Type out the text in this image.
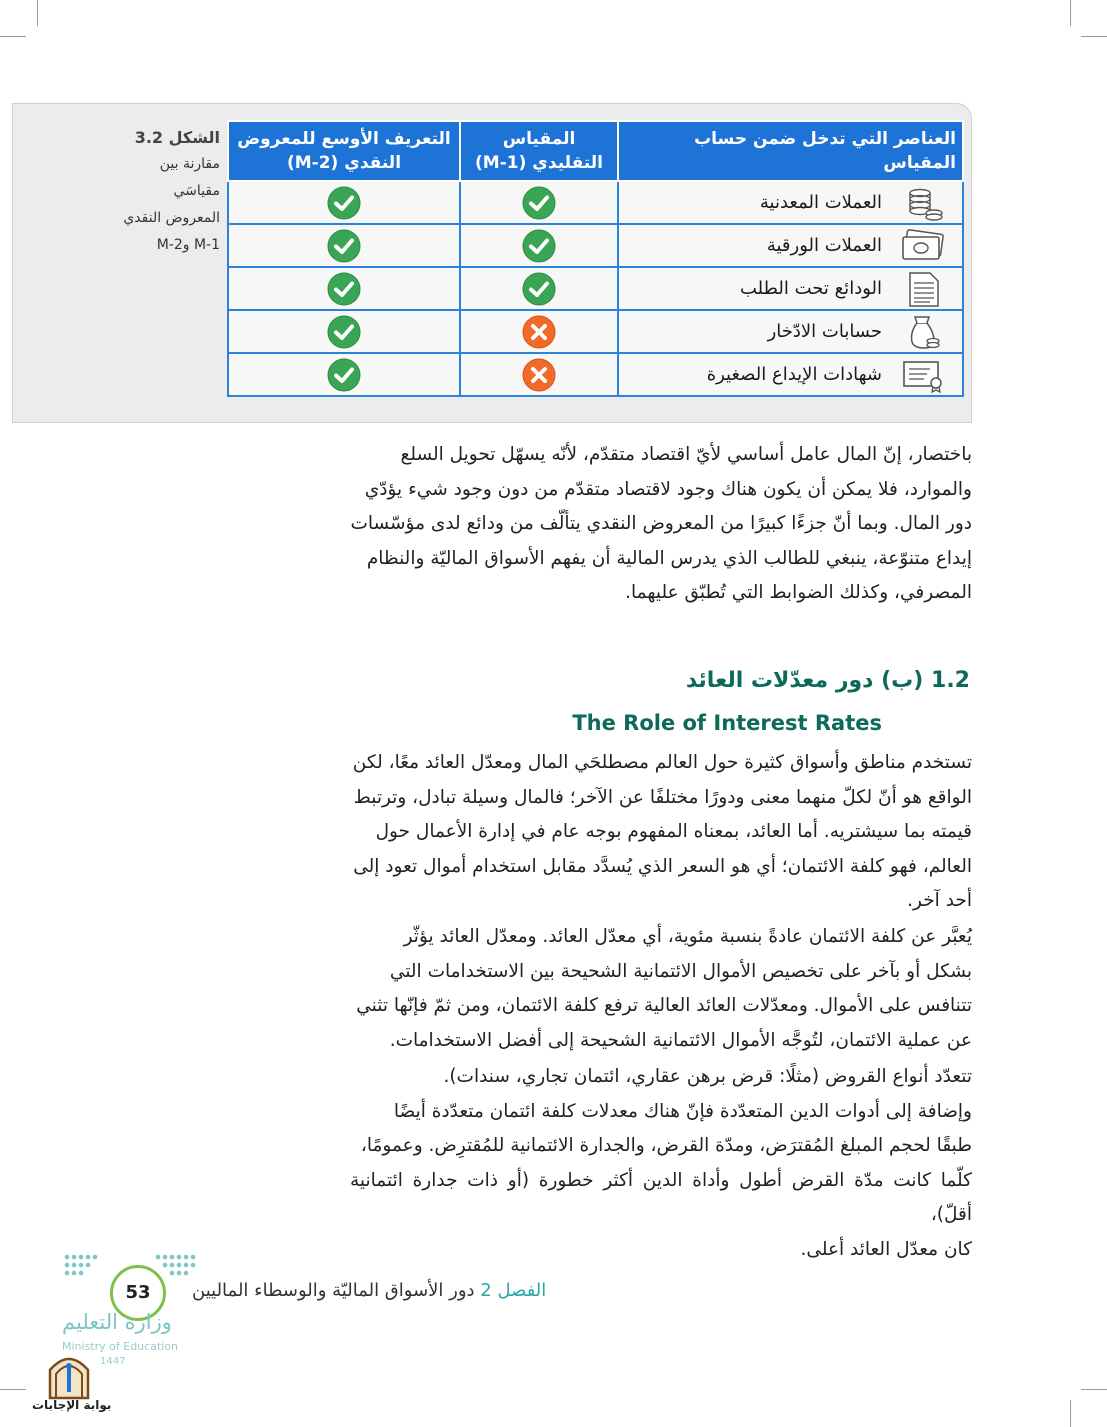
الشكل 3.2
مقارنة بين
مقياسَي
المعروض النقدي
M-1 وM-2
العناصر التي تدخل ضمن حساب المقياس	المقياس التقليدي (M-1)	التعريف الأوسع للمعروض النقدي (M-2)

العملات المعدنية

العملات الورقية

الودائع تحت الطلب

حسابات الادّخار

شهادات الإيداع الصغيرة

باختصار، إنّ المال عامل أساسي لأيّ اقتصاد متقدّم، لأنّه يسهّل تحويل السلع
والموارد، فلا يمكن أن يكون هناك وجود لاقتصاد متقدّم من دون وجود شيء يؤدّي
دور المال. وبما أنّ جزءًا كبيرًا من المعروض النقدي يتألّف من ودائع لدى مؤسّسات
إيداع متنوّعة، ينبغي للطالب الذي يدرس المالية أن يفهم الأسواق الماليّة والنظام
المصرفي، وكذلك الضوابط التي تُطبّق عليهما.
1.2 (ب) دور معدّلات العائد
The Role of Interest Rates
تستخدم مناطق وأسواق كثيرة حول العالم مصطلحَي المال ومعدّل العائد معًا، لكن
الواقع هو أنّ لكلّ منهما معنى ودورًا مختلفًا عن الآخر؛ فالمال وسيلة تبادل، وترتبط
قيمته بما سيشتريه. أما العائد، بمعناه المفهوم بوجه عام في إدارة الأعمال حول
العالم، فهو كلفة الائتمان؛ أي هو السعر الذي يُسدَّد مقابل استخدام أموال تعود إلى
أحد آخر.
يُعبَّر عن كلفة الائتمان عادةً بنسبة مئوية، أي معدّل العائد. ومعدّل العائد يؤثّر
بشكل أو بآخر على تخصيص الأموال الائتمانية الشحيحة بين الاستخدامات التي
تتنافس على الأموال. ومعدّلات العائد العالية ترفع كلفة الائتمان، ومن ثمّ فإنّها تثني
عن عملية الائتمان، لتُوجَّه الأموال الائتمانية الشحيحة إلى أفضل الاستخدامات.
تتعدّد أنواع القروض (مثلًا: قرض برهن عقاري، ائتمان تجاري، سندات).
وإضافة إلى أدوات الدين المتعدّدة فإنّ هناك معدلات كلفة ائتمان متعدّدة أيضًا
طبقًا لحجم المبلغ المُقترَض، ومدّة القرض، والجدارة الائتمانية للمُقترِض. وعمومًا،
كلّما كانت مدّة القرض أطول وأداة الدين أكثر خطورة (أو ذات جدارة ائتمانية أقلّ)،
كان معدّل العائد أعلى.
53	الفصل 2 دور الأسواق الماليّة والوسطاء الماليين
وزارة التعليم
Ministry of Education
1447
بوابة الإجابات
